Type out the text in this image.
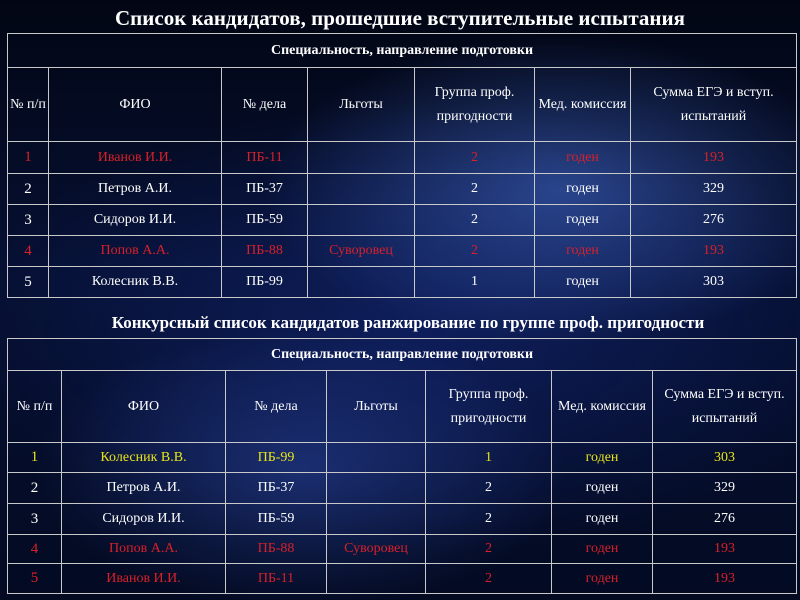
Список кандидатов, прошедшие вступительные испытания
Специальность, направление подготовки						
№ п/п	ФИО	№ дела	Льготы	Группа проф. пригодности	Мед. комиссия	Сумма ЕГЭ и вступ. испытаний
1	Иванов И.И.	ПБ-11		2	годен	193
2	Петров А.И.	ПБ-37		2	годен	329
3	Сидоров И.И.	ПБ-59		2	годен	276
4	Попов А.А.	ПБ-88	Суворовец	2	годен	193
5	Колесник В.В.	ПБ-99		1	годен	303
Конкурсный список кандидатов ранжирование по группе проф. пригодности
Специальность, направление подготовки						
№ п/п	ФИО	№ дела	Льготы	Группа проф. пригодности	Мед. комиссия	Сумма ЕГЭ и вступ. испытаний
1	Колесник В.В.	ПБ-99		1	годен	303
2	Петров А.И.	ПБ-37		2	годен	329
3	Сидоров И.И.	ПБ-59		2	годен	276
4	Попов А.А.	ПБ-88	Суворовец	2	годен	193
5	Иванов И.И.	ПБ-11		2	годен	193
